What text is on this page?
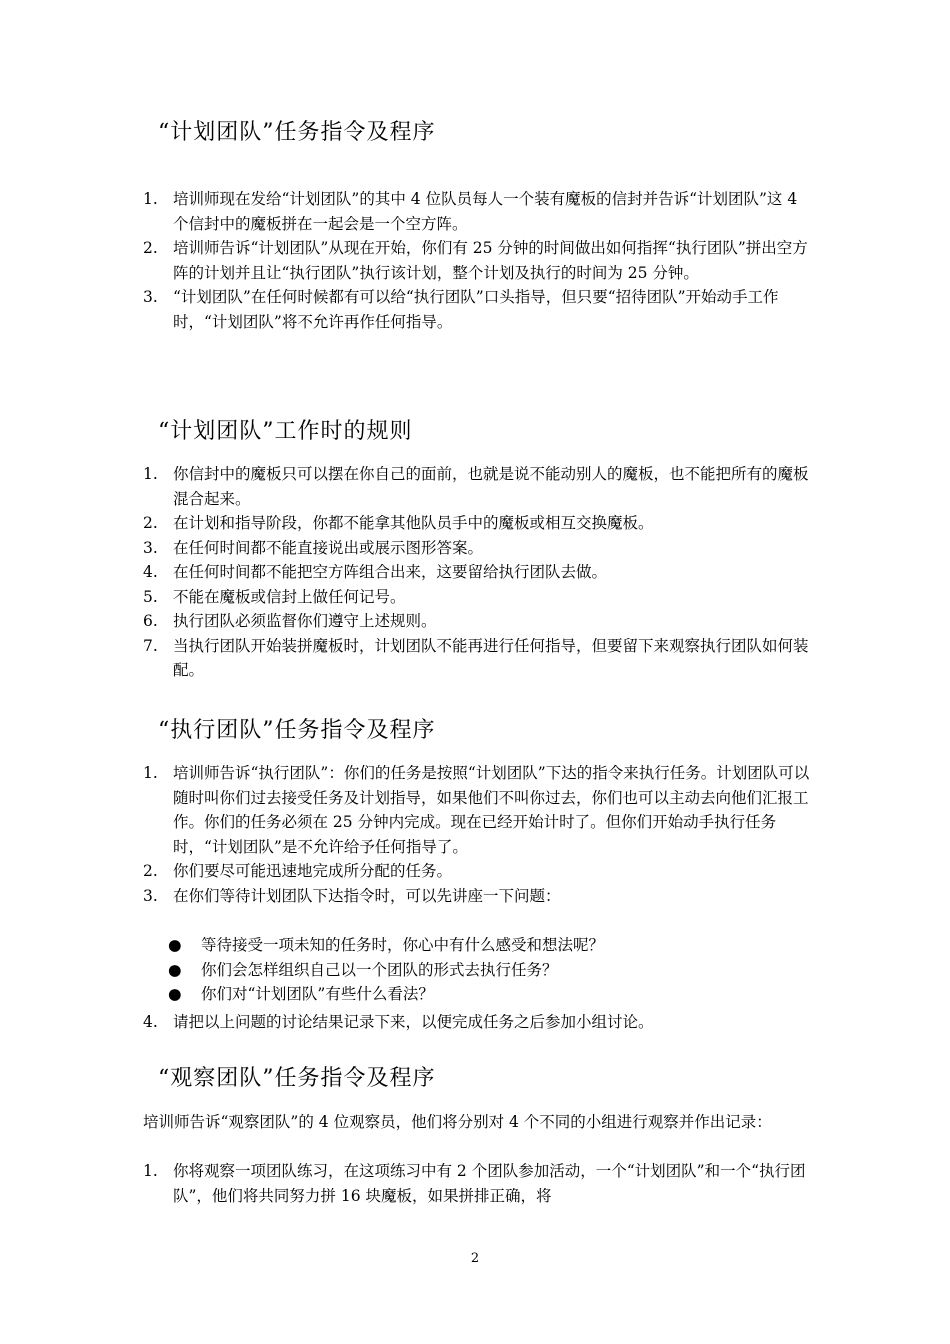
“计划团队”任务指令及程序
1. 培训师现在发给“计划团队”的其中 4 位队员每人一个装有魔板的信封并告诉“计划团队”这 4 个信封中的魔板拼在一起会是一个空方阵。
2. 培训师告诉“计划团队”从现在开始，你们有 25 分钟的时间做出如何指挥“执行团队”拼出空方阵的计划并且让“执行团队”执行该计划，整个计划及执行的时间为 25 分钟。
3. “计划团队”在任何时候都有可以给“执行团队”口头指导，但只要“招待团队”开始动手工作时，“计划团队”将不允许再作任何指导。
“计划团队”工作时的规则
1. 你信封中的魔板只可以摆在你自己的面前，也就是说不能动别人的魔板，也不能把所有的魔板混合起来。
2. 在计划和指导阶段，你都不能拿其他队员手中的魔板或相互交换魔板。
3. 在任何时间都不能直接说出或展示图形答案。
4. 在任何时间都不能把空方阵组合出来，这要留给执行团队去做。
5. 不能在魔板或信封上做任何记号。
6. 执行团队必须监督你们遵守上述规则。
7. 当执行团队开始装拼魔板时，计划团队不能再进行任何指导，但要留下来观察执行团队如何装配。
“执行团队”任务指令及程序
1. 培训师告诉“执行团队”：你们的任务是按照“计划团队”下达的指令来执行任务。计划团队可以随时叫你们过去接受任务及计划指导，如果他们不叫你过去，你们也可以主动去向他们汇报工作。你们的任务必须在 25 分钟内完成。现在已经开始计时了。但你们开始动手执行任务时，“计划团队”是不允许给予任何指导了。
2. 你们要尽可能迅速地完成所分配的任务。
3. 在你们等待计划团队下达指令时，可以先讲座一下问题：
● 等待接受一项未知的任务时，你心中有什么感受和想法呢？
● 你们会怎样组织自己以一个团队的形式去执行任务？
● 你们对“计划团队”有些什么看法？
4. 请把以上问题的讨论结果记录下来，以便完成任务之后参加小组讨论。
“观察团队”任务指令及程序

培训师告诉“观察团队”的 4 位观察员，他们将分别对 4 个不同的小组进行观察并作出记录：

1. 你将观察一项团队练习，在这项练习中有 2 个团队参加活动，一个“计划团队”和一个“执行团队”，他们将共同努力拼 16 块魔板，如果拼排正确，将
2
